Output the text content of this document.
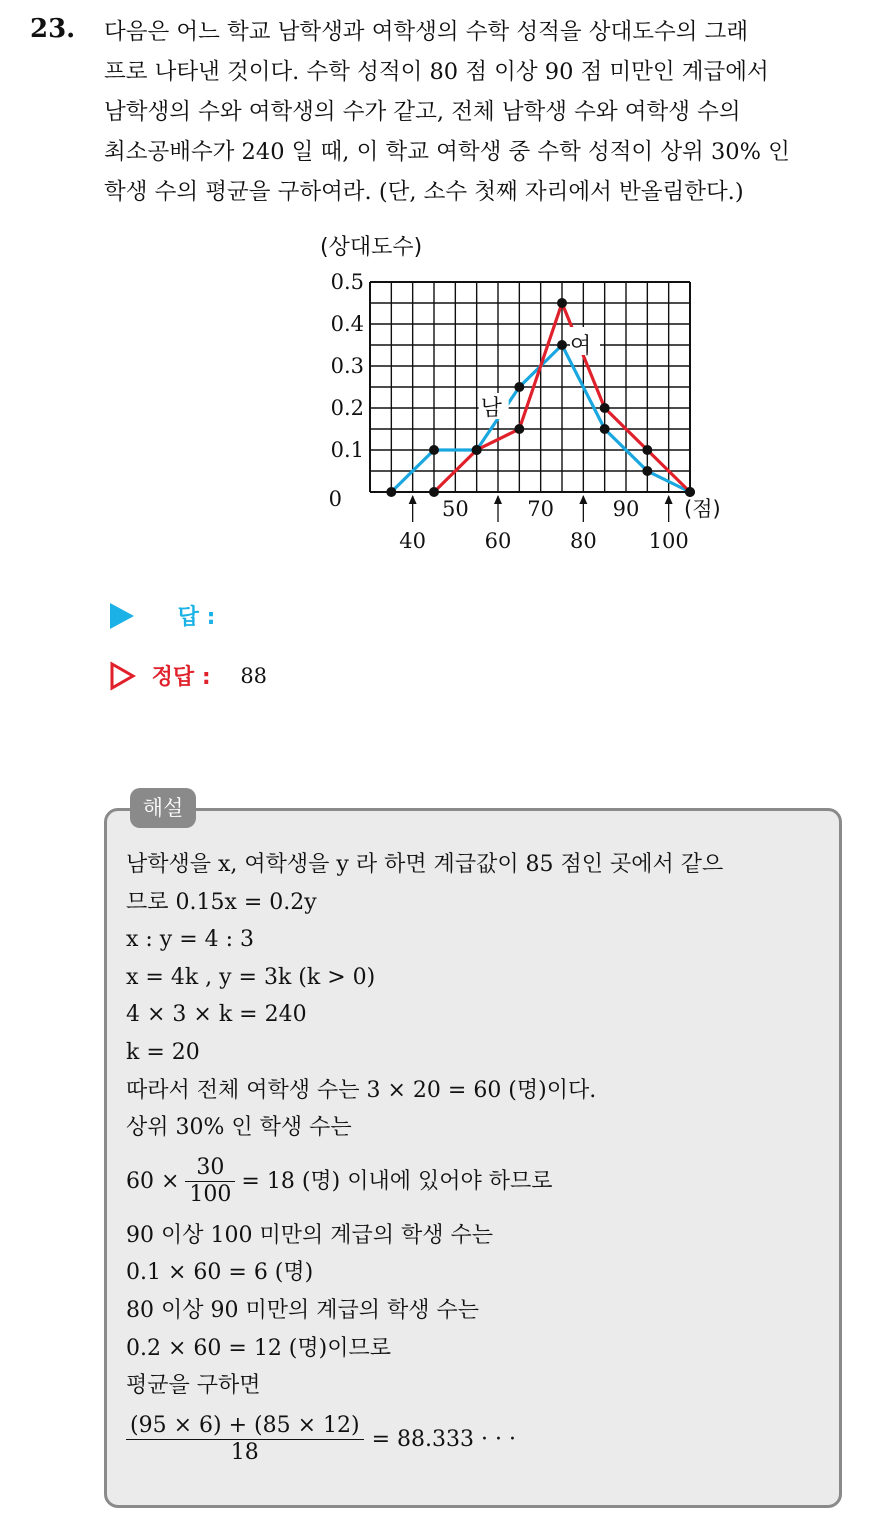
23. 다음은 어느 학교 남학생과 여학생의 수학 성적을 상대도수의 그래
프로 나타낸 것이다. 수학 성적이 80 점 이상 90 점 미만인 계급에서
남학생의 수와 여학생의 수가 같고, 전체 남학생 수와 여학생 수의
최소공배수가 240 일 때, 이 학교 여학생 중 수학 성적이 상위 30% 인
학생 수의 평균을 구하여라. (단, 소수 첫째 자리에서 반올림한다.)
0.5
0.4
0.3
0.2
0.1
0
(상대도수)
50	70	90
40	60	80 100
(점)
남
여
답 :
정답 : 88
해설
남학생을 x, 여학생을 y 라 하면 계급값이 85 점인 곳에서 같으
므로 0.15x = 0.2y
x : y = 4 : 3
x = 4k , y = 3k (k > 0)
4 × 3 × k = 240
k = 20
따라서 전체 여학생 수는 3 × 20 = 60 (명)이다.
상위 30% 인 학생 수는
$60 \times \frac{30}{100} = 18$ (명) 이내에 있어야 하므로
90 이상 100 미만의 계급의 학생 수는
0.1 × 60 = 6 (명)
80 이상 90 미만의 계급의 학생 수는
0.2 × 60 = 12 (명)이므로
평균을 구하면
$\frac{(95 \times 6) + (85 \times 12)}{18} = 88.333$ · · ·
